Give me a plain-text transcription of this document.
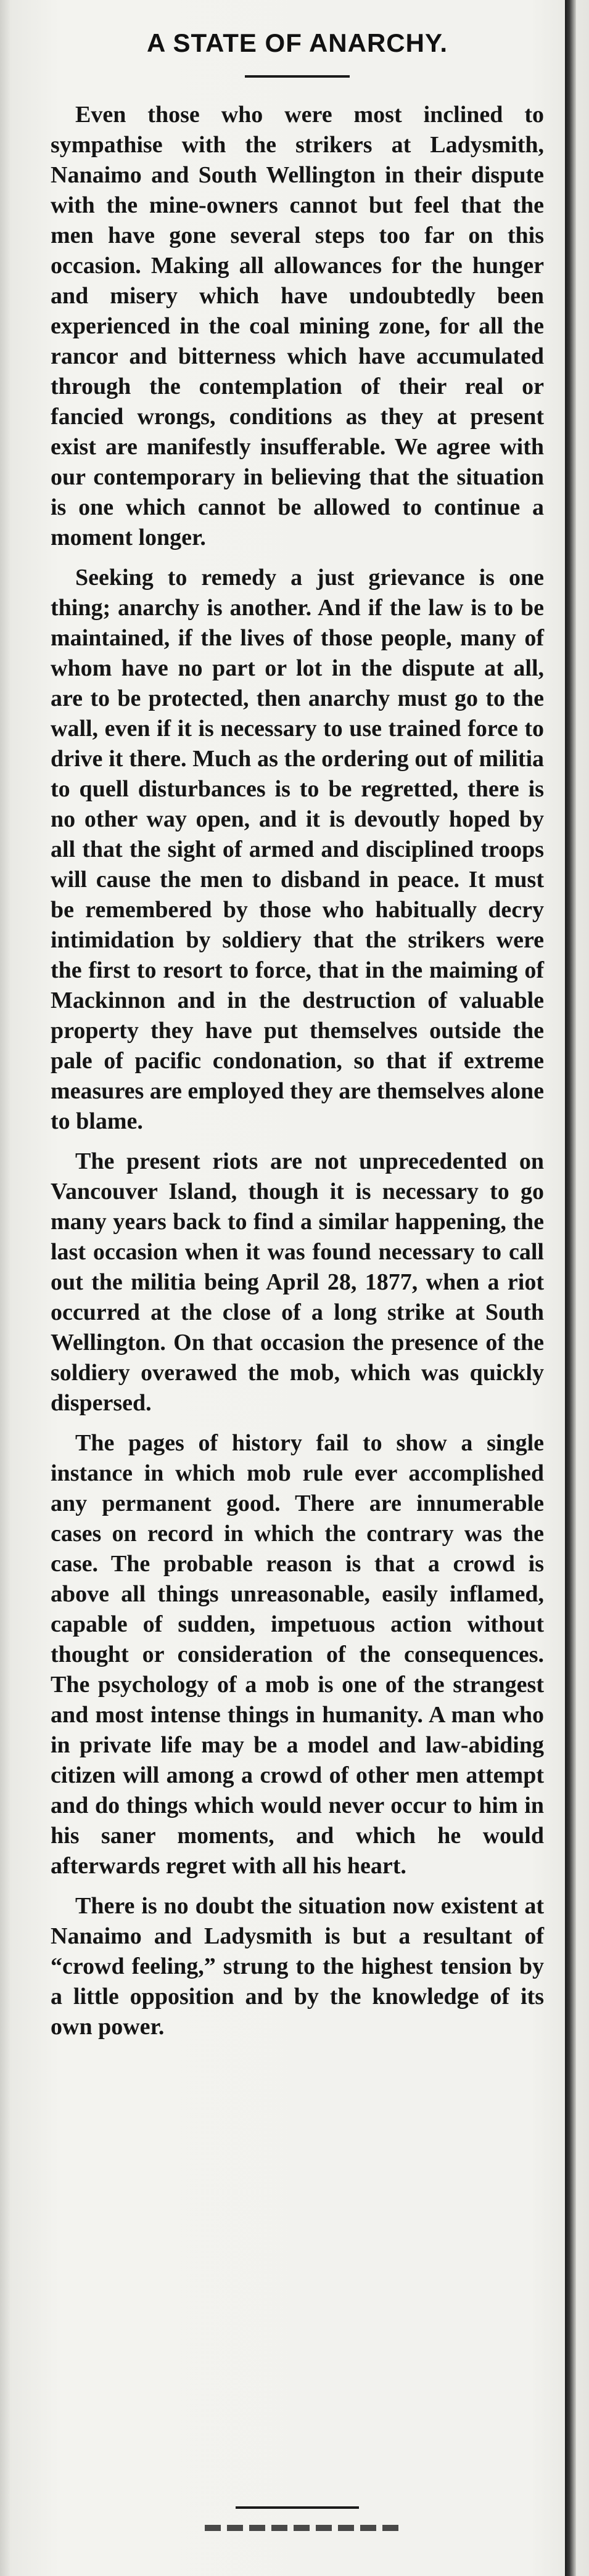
A STATE OF ANARCHY.

Even those who were most inclined to sympathise with the strikers at Ladysmith, Nanaimo and South Wellington in their dispute with the mine-owners cannot but feel that the men have gone several steps too far on this occasion. Making all allowances for the hunger and misery which have undoubtedly been experienced in the coal mining zone, for all the rancor and bitterness which have accumulated through the contemplation of their real or fancied wrongs, conditions as they at present exist are manifestly insufferable. We agree with our contemporary in believing that the situation is one which cannot be allowed to continue a moment longer.

Seeking to remedy a just grievance is one thing; anarchy is another. And if the law is to be maintained, if the lives of those people, many of whom have no part or lot in the dispute at all, are to be protected, then anarchy must go to the wall, even if it is necessary to use trained force to drive it there. Much as the ordering out of militia to quell disturbances is to be regretted, there is no other way open, and it is devoutly hoped by all that the sight of armed and disciplined troops will cause the men to disband in peace. It must be remembered by those who habitually decry intimidation by soldiery that the strikers were the first to resort to force, that in the maiming of Mackinnon and in the destruction of valuable property they have put themselves outside the pale of pacific condonation, so that if extreme measures are employed they are themselves alone to blame.

The present riots are not unprecedented on Vancouver Island, though it is necessary to go many years back to find a similar happening, the last occasion when it was found necessary to call out the militia being April 28, 1877, when a riot occurred at the close of a long strike at South Wellington. On that occasion the presence of the soldiery overawed the mob, which was quickly dispersed.

The pages of history fail to show a single instance in which mob rule ever accomplished any permanent good. There are innumerable cases on record in which the contrary was the case. The probable reason is that a crowd is above all things unreasonable, easily inflamed, capable of sudden, impetuous action without thought or consideration of the consequences. The psychology of a mob is one of the strangest and most intense things in humanity. A man who in private life may be a model and law-abiding citizen will among a crowd of other men attempt and do things which would never occur to him in his saner moments, and which he would afterwards regret with all his heart.

There is no doubt the situation now existent at Nanaimo and Ladysmith is but a resultant of “crowd feeling,” strung to the highest tension by a little opposition and by the knowledge of its own power.
